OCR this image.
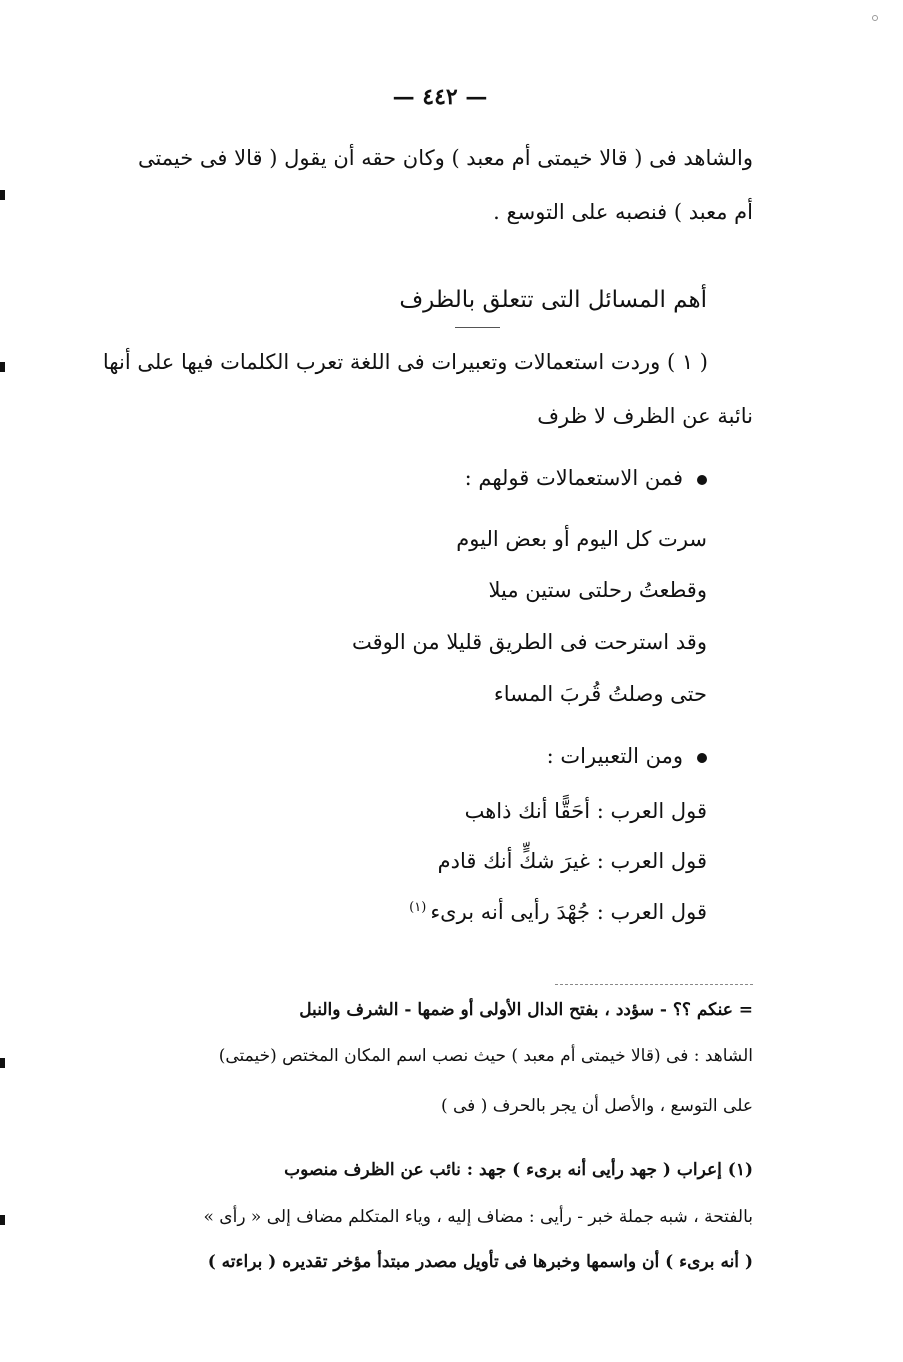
— ٤٤٢ —
والشاهد فى ( قالا خيمتى أم معبد ) وكان حقه أن يقول ( قالا فى خيمتى
أم معبد ) فنصبه على التوسع .
أهم المسائل التى تتعلق بالظرف
( ١ ) وردت استعمالات وتعبيرات فى اللغة تعرب الكلمات فيها على أنها
نائبة عن الظرف لا ظرف
فمن الاستعمالات قولهم :
سرت كل اليوم أو بعض اليوم
وقطعتُ رحلتى ستين ميلا
وقد استرحت فى الطريق قليلا من الوقت
حتى وصلتُ قُربَ المساء
ومن التعبيرات :
قول العرب : أحَقًّا أنك ذاهب
قول العرب : غيرَ شكٍّ أنك قادم
قول العرب : جُهْدَ رأيى أنه برىء$^{(١)}$
= عنكم ؟؟ - سؤدد ، بفتح الدال الأولى أو ضمها - الشرف والنبل
الشاهد : فى (قالا خيمتى أم معبد ) حيث نصب اسم المكان المختص (خيمتى)
على التوسع ، والأصل أن يجر بالحرف ( فى )
(١) إعراب ( جهد رأيى أنه برىء ) جهد : نائب عن الظرف منصوب
بالفتحة ، شبه جملة خبر - رأيى : مضاف إليه ، وياء المتكلم مضاف إلى « رأى »
( أنه برىء ) أن واسمها وخبرها فى تأويل مصدر مبتدأ مؤخر تقديره ( براءته )
